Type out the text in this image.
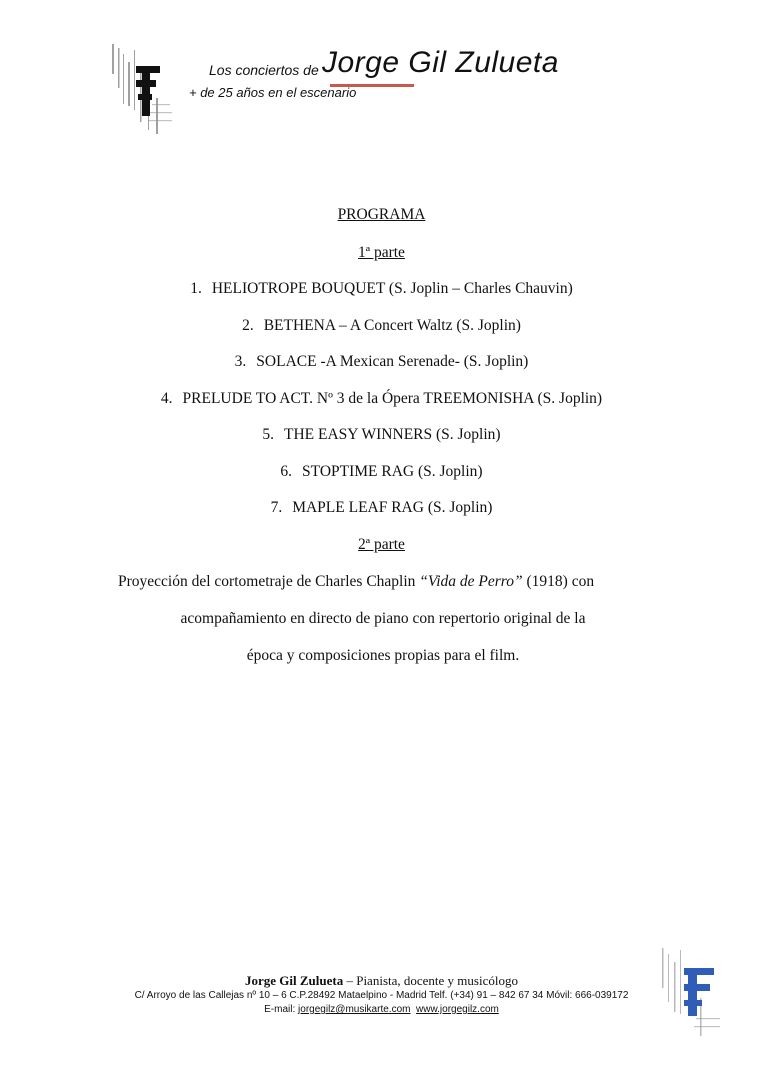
Los conciertos de Jorge Gil Zulueta
+ de 25 años en el escenario
PROGRAMA
1ª parte
1. HELIOTROPE BOUQUET (S. Joplin – Charles Chauvin)
2. BETHENA – A Concert Waltz (S. Joplin)
3. SOLACE -A Mexican Serenade- (S. Joplin)
4. PRELUDE TO ACT. Nº 3 de la Ópera TREEMONISHA (S. Joplin)
5. THE EASY WINNERS (S. Joplin)
6. STOPTIME RAG (S. Joplin)
7. MAPLE LEAF RAG (S. Joplin)
2ª parte
Proyección del cortometraje de Charles Chaplin “Vida de Perro” (1918) con
acompañamiento en directo de piano con repertorio original de la
época y composiciones propias para el film.
Jorge Gil Zulueta – Pianista, docente y musicólogo
C/ Arroyo de las Callejas nº 10 – 6 C.P.28492 Mataelpino - Madrid Telf. (+34) 91 – 842 67 34 Móvil: 666-039172
E-mail: jorgegilz@musikarte.com www.jorgegilz.com
